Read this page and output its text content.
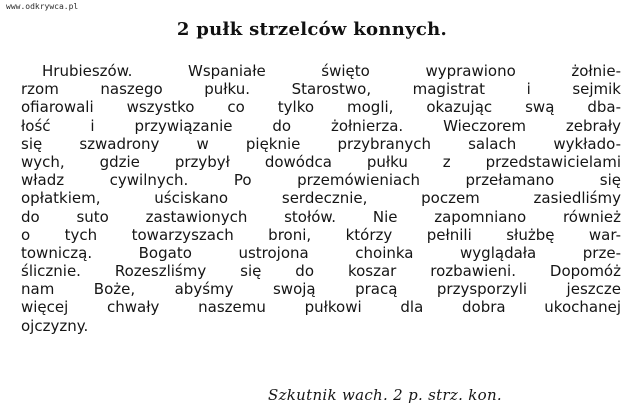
www.odkrywca.pl
2 pułk strzelców konnych.
Hrubieszów. Wspaniałe święto wyprawiono żołnie-
rzom naszego pułku. Starostwo, magistrat i sejmik
ofiarowali wszystko co tylko mogli, okazując swą dba-
łość i przywiązanie do żołnierza. Wieczorem zebrały
się szwadrony w pięknie przybranych salach wykłado-
wych, gdzie przybył dowódca pułku z przedstawicielami
władz cywilnych. Po przemówieniach przełamano się
opłatkiem, uściskano serdecznie, poczem zasiedliśmy
do suto zastawionych stołów. Nie zapomniano również
o tych towarzyszach broni, którzy pełnili służbę war-
towniczą. Bogato ustrojona choinka wyglądała prze-
ślicznie. Rozeszliśmy się do koszar rozbawieni. Dopomóż
nam Boże, abyśmy swoją pracą przysporzyli jeszcze
więcej chwały naszemu pułkowi dla dobra ukochanej
ojczyzny.
Szkutnik wach. 2 p. strz. kon.
